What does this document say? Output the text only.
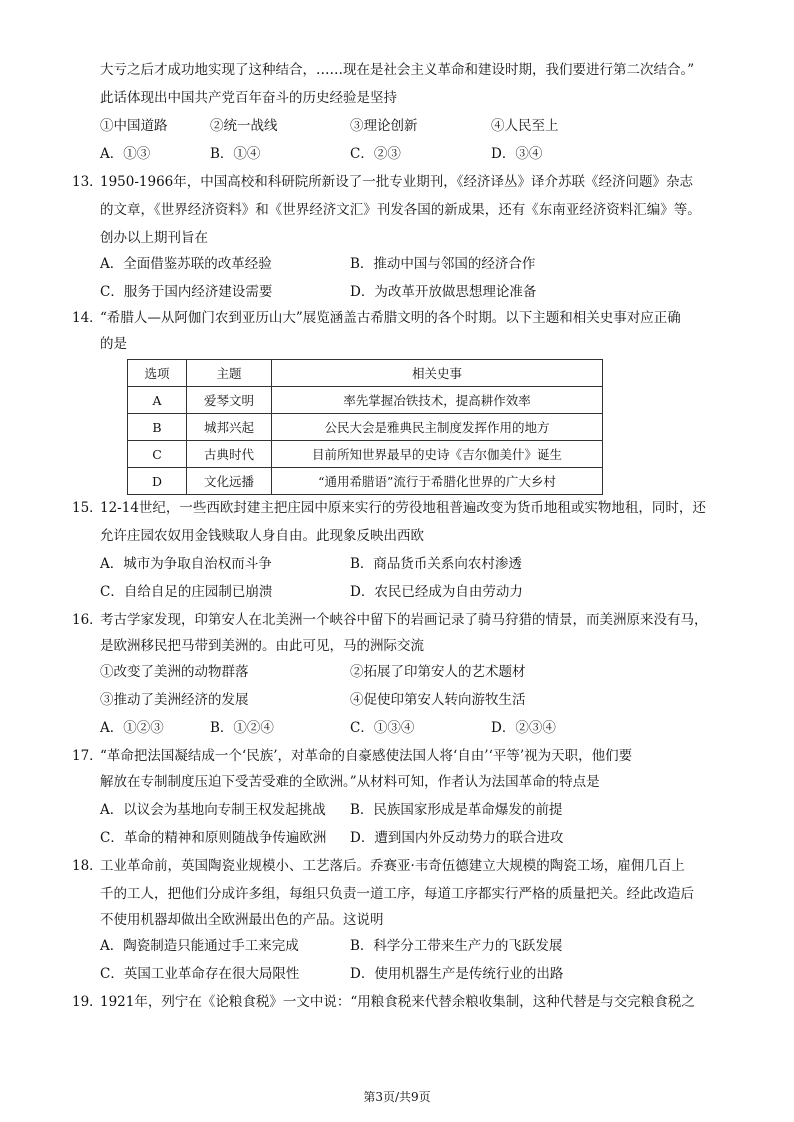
大亏之后才成功地实现了这种结合，……现在是社会主义革命和建设时期，我们要进行第二次结合。”
此话体现出中国共产党百年奋斗的历史经验是坚持
①中国道路	②统一战线	③理论创新	④人民至上
A．①③	B．①④	C．②③	D．③④
13．
1950-1966年，中国高校和科研院所新设了一批专业期刊，《经济译丛》译介苏联《经济问题》杂志
的文章，《世界经济资料》和《世界经济文汇》刊发各国的新成果，还有《东南亚经济资料汇编》等。
创办以上期刊旨在
A．全面借鉴苏联的改革经验	B．推动中国与邻国的经济合作
C．服务于国内经济建设需要	D．为改革开放做思想理论准备
14．
“希腊人—从阿伽门农到亚历山大”展览涵盖古希腊文明的各个时期。以下主题和相关史事对应正确
的是
选项	主题	相关史事
A	爱琴文明	率先掌握冶铁技术，提高耕作效率
B	城邦兴起	公民大会是雅典民主制度发挥作用的地方
C	古典时代	目前所知世界最早的史诗《吉尔伽美什》诞生
D	文化远播	“通用希腊语”流行于希腊化世界的广大乡村
15．
12-14世纪，一些西欧封建主把庄园中原来实行的劳役地租普遍改变为货币地租或实物地租，同时，还
允许庄园农奴用金钱赎取人身自由。此现象反映出西欧
A．城市为争取自治权而斗争	B．商品货币关系向农村渗透
C．自给自足的庄园制已崩溃	D．农民已经成为自由劳动力
16．
考古学家发现，印第安人在北美洲一个峡谷中留下的岩画记录了骑马狩猎的情景，而美洲原来没有马，
是欧洲移民把马带到美洲的。由此可见，马的洲际交流
①改变了美洲的动物群落	②拓展了印第安人的艺术题材
③推动了美洲经济的发展	④促使印第安人转向游牧生活
A．①②③	B．①②④	C．①③④	D．②③④
17．
“革命把法国凝结成一个‘民族’，对革命的自豪感使法国人将‘自由’‘平等’视为天职，他们要
解放在专制制度压迫下受苦受难的全欧洲。”从材料可知，作者认为法国革命的特点是
A．以议会为基地向专制王权发起挑战 B．民族国家形成是革命爆发的前提
C．革命的精神和原则随战争传遍欧洲 D．遭到国内外反动势力的联合进攻
18．
工业革命前，英国陶瓷业规模小、工艺落后。乔赛亚·韦奇伍德建立大规模的陶瓷工场，雇佣几百上
千的工人，把他们分成许多组，每组只负责一道工序，每道工序都实行严格的质量把关。经此改造后
不使用机器却做出全欧洲最出色的产品。这说明
A．陶瓷制造只能通过手工来完成	B．科学分工带来生产力的飞跃发展
C．英国工业革命存在很大局限性	D．使用机器生产是传统行业的出路
19．
1921年，列宁在《论粮食税》一文中说：“用粮食税来代替余粮收集制，这种代替是与交完粮食税之
第3页/共9页
